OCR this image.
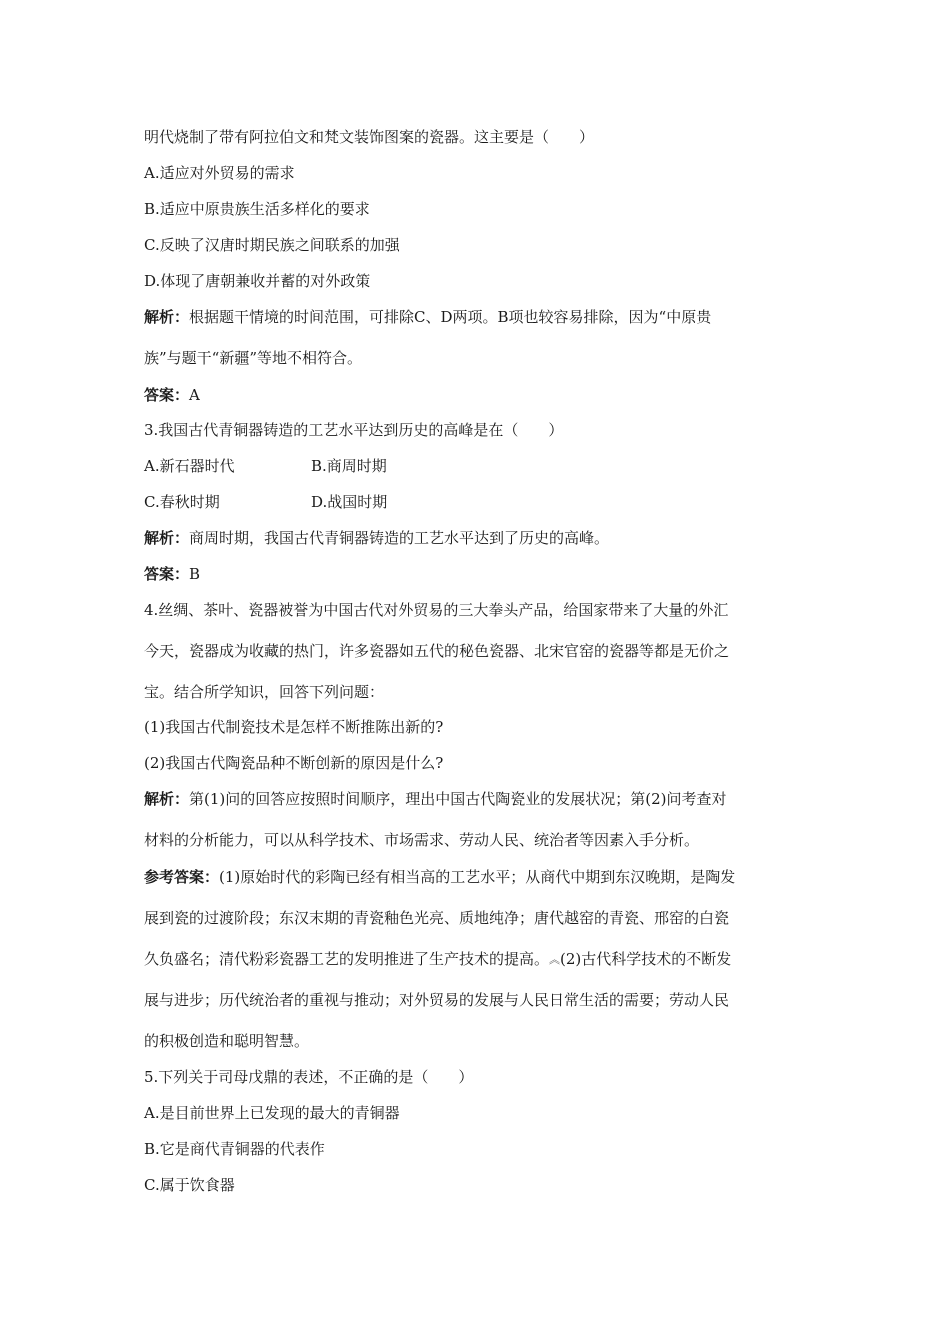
明代烧制了带有阿拉伯文和梵文装饰图案的瓷器。这主要是（　　）
A.适应对外贸易的需求
B.适应中原贵族生活多样化的要求
C.反映了汉唐时期民族之间联系的加强
D.体现了唐朝兼收并蓄的对外政策
解析：根据题干情境的时间范围，可排除C、D两项。B项也较容易排除，因为“中原贵
族”与题干“新疆”等地不相符合。
答案：A
3.我国古代青铜器铸造的工艺水平达到历史的高峰是在（　　）
A.新石器时代	B.商周时期
C.春秋时期	D.战国时期
解析：商周时期，我国古代青铜器铸造的工艺水平达到了历史的高峰。
答案：B
4.丝绸、茶叶、瓷器被誉为中国古代对外贸易的三大拳头产品，给国家带来了大量的外汇
今天，瓷器成为收藏的热门，许多瓷器如五代的秘色瓷器、北宋官窑的瓷器等都是无价之
宝。结合所学知识，回答下列问题：
(1)我国古代制瓷技术是怎样不断推陈出新的?
(2)我国古代陶瓷品种不断创新的原因是什么?
解析：第(1)问的回答应按照时间顺序，理出中国古代陶瓷业的发展状况；第(2)问考查对
材料的分析能力，可以从科学技术、市场需求、劳动人民、统治者等因素入手分析。
参考答案：(1)原始时代的彩陶已经有相当高的工艺水平；从商代中期到东汉晚期，是陶发
展到瓷的过渡阶段；东汉末期的青瓷釉色光亮、质地纯净；唐代越窑的青瓷、邢窑的白瓷
久负盛名；清代粉彩瓷器工艺的发明推进了生产技术的提高。︽(2)古代科学技术的不断发
展与进步；历代统治者的重视与推动；对外贸易的发展与人民日常生活的需要；劳动人民
的积极创造和聪明智慧。
5.下列关于司母戊鼎的表述，不正确的是（　　）
A.是目前世界上已发现的最大的青铜器
B.它是商代青铜器的代表作
C.属于饮食器
